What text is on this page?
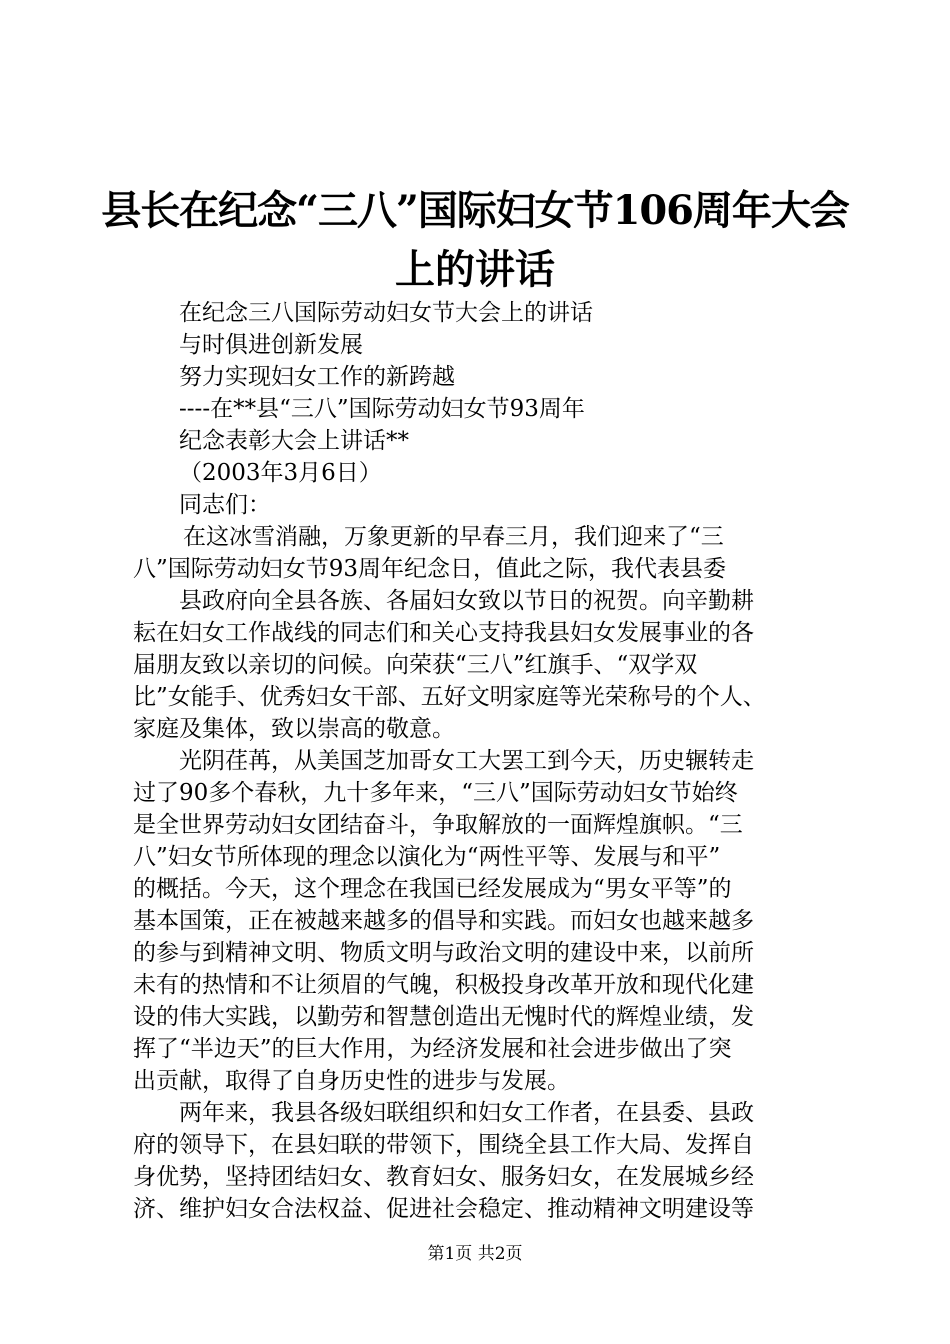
县长在纪念“三八”国际妇女节106周年大会
上的讲话
在纪念三八国际劳动妇女节大会上的讲话
与时俱进创新发展
努力实现妇女工作的新跨越
----在**县“三八”国际劳动妇女节93周年
纪念表彰大会上讲话**
（2003年3月6日）
同志们：
在这冰雪消融，万象更新的早春三月，我们迎来了“三
八”国际劳动妇女节93周年纪念日，值此之际，我代表县委
县政府向全县各族、各届妇女致以节日的祝贺。向辛勤耕
耘在妇女工作战线的同志们和关心支持我县妇女发展事业的各
届朋友致以亲切的问候。向荣获“三八”红旗手、“双学双
比”女能手、优秀妇女干部、五好文明家庭等光荣称号的个人、
家庭及集体，致以崇高的敬意。
光阴荏苒，从美国芝加哥女工大罢工到今天，历史辗转走
过了90多个春秋，九十多年来，“三八”国际劳动妇女节始终
是全世界劳动妇女团结奋斗，争取解放的一面辉煌旗帜。“三
八”妇女节所体现的理念以演化为“两性平等、发展与和平”
的概括。今天，这个理念在我国已经发展成为“男女平等”的
基本国策，正在被越来越多的倡导和实践。而妇女也越来越多
的参与到精神文明、物质文明与政治文明的建设中来，以前所
未有的热情和不让须眉的气魄，积极投身改革开放和现代化建
设的伟大实践，以勤劳和智慧创造出无愧时代的辉煌业绩，发
挥了“半边天”的巨大作用，为经济发展和社会进步做出了突
出贡献，取得了自身历史性的进步与发展。
两年来，我县各级妇联组织和妇女工作者，在县委、县政
府的领导下，在县妇联的带领下，围绕全县工作大局、发挥自
身优势，坚持团结妇女、教育妇女、服务妇女，在发展城乡经
济、维护妇女合法权益、促进社会稳定、推动精神文明建设等
第1页 共2页
